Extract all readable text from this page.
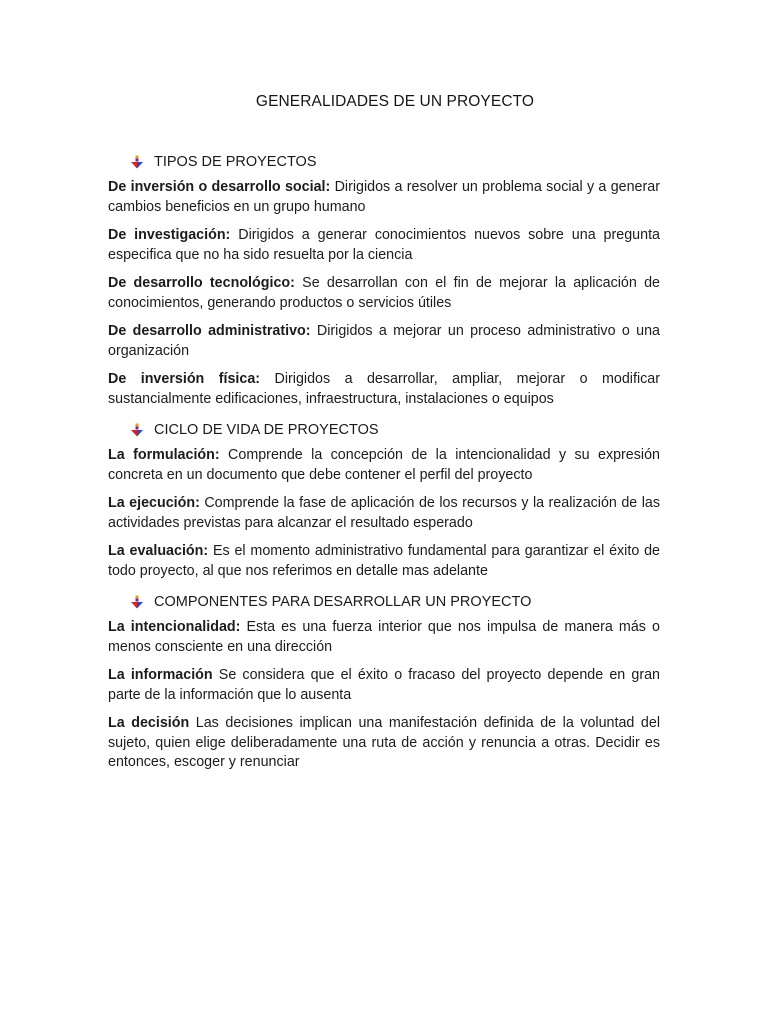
GENERALIDADES DE UN PROYECTO
TIPOS DE PROYECTOS

De inversión o desarrollo social: Dirigidos a resolver un problema social y a generar cambios beneficios en un grupo humano

De investigación: Dirigidos a generar conocimientos nuevos sobre una pregunta especifica que no ha sido resuelta por la ciencia

De desarrollo tecnológico: Se desarrollan con el fin de mejorar la aplicación de conocimientos, generando productos o servicios útiles

De desarrollo administrativo: Dirigidos a mejorar un proceso administrativo o una organización

De inversión física: Dirigidos a desarrollar, ampliar, mejorar o modificar sustancialmente edificaciones, infraestructura, instalaciones o equipos

CICLO DE VIDA DE PROYECTOS

La formulación: Comprende la concepción de la intencionalidad y su expresión concreta en un documento que debe contener el perfil del proyecto

La ejecución: Comprende la fase de aplicación de los recursos y la realización de las actividades previstas para alcanzar el resultado esperado

La evaluación: Es el momento administrativo fundamental para garantizar el éxito de todo proyecto, al que nos referimos en detalle mas adelante

COMPONENTES PARA DESARROLLAR UN PROYECTO

La intencionalidad: Esta es una fuerza interior que nos impulsa de manera más o menos consciente en una dirección

La información Se considera que el éxito o fracaso del proyecto depende en gran parte de la información que lo ausenta

La decisión Las decisiones implican una manifestación definida de la voluntad del sujeto, quien elige deliberadamente una ruta de acción y renuncia a otras. Decidir es entonces, escoger y renunciar
